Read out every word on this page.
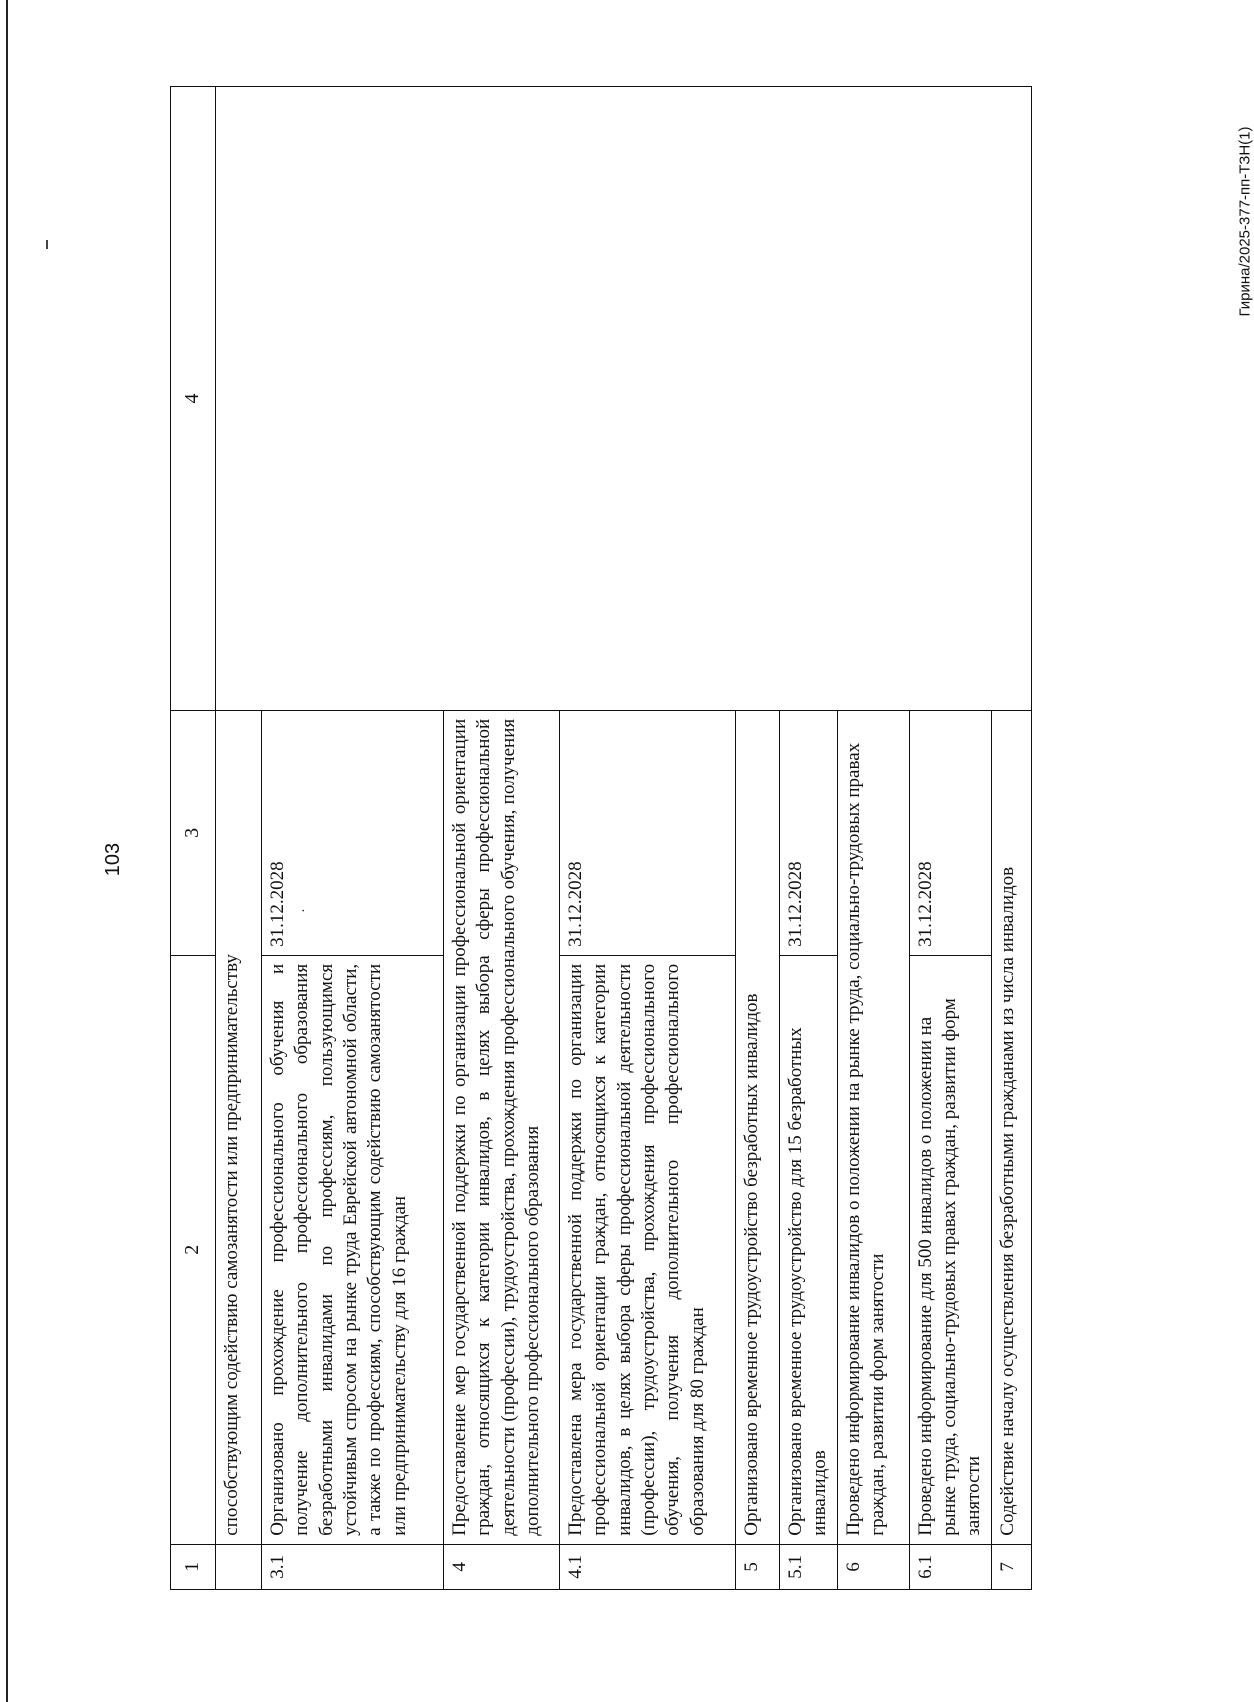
103
Гирина/2025-377-пп-ТЗН(1)
1	2	3	4
	способствующим содействию самозанятости или предпринимательству		
3.1	Организовано прохождение профессионального обучения и получение дополнительного профессионального образования безработными инвалидами по профессиям, пользующимся устойчивым спросом на рынке труда Еврейской автономной области, а также по профессиям, способствующим содействию самозанятости или предпринимательству для 16 граждан	31.12.2028 ·	

4	Предоставление мер государственной поддержки по организации профессиональной ориентации граждан, относящихся к категории инвалидов, в целях выбора сферы профессиональной деятельности (профессии), трудоустройства, прохождения профессионального обучения, получения дополнительного профессионального образования		
4.1	Предоставлена мера государственной поддержки по организации профессиональной ориентации граждан, относящихся к категории инвалидов, в целях выбора сферы профессиональной деятельности (профессии), трудоустройства, прохождения профессионального обучения, получения дополнительного профессионального образования для 80 граждан	31.12.2028	
5	Организовано временное трудоустройство безработных инвалидов		
5.1	Организовано временное трудоустройство для 15 безработных инвалидов	31.12.2028	
6	Проведено информирование инвалидов о положении на рынке труда, социально-трудовых правах граждан, развитии форм занятости		
6.1	Проведено информирование для 500 инвалидов о положении на рынке труда, социально-трудовых правах граждан, развитии форм занятости	31.12.2028	
7	Содействие началу осуществления безработными гражданами из числа инвалидов		
